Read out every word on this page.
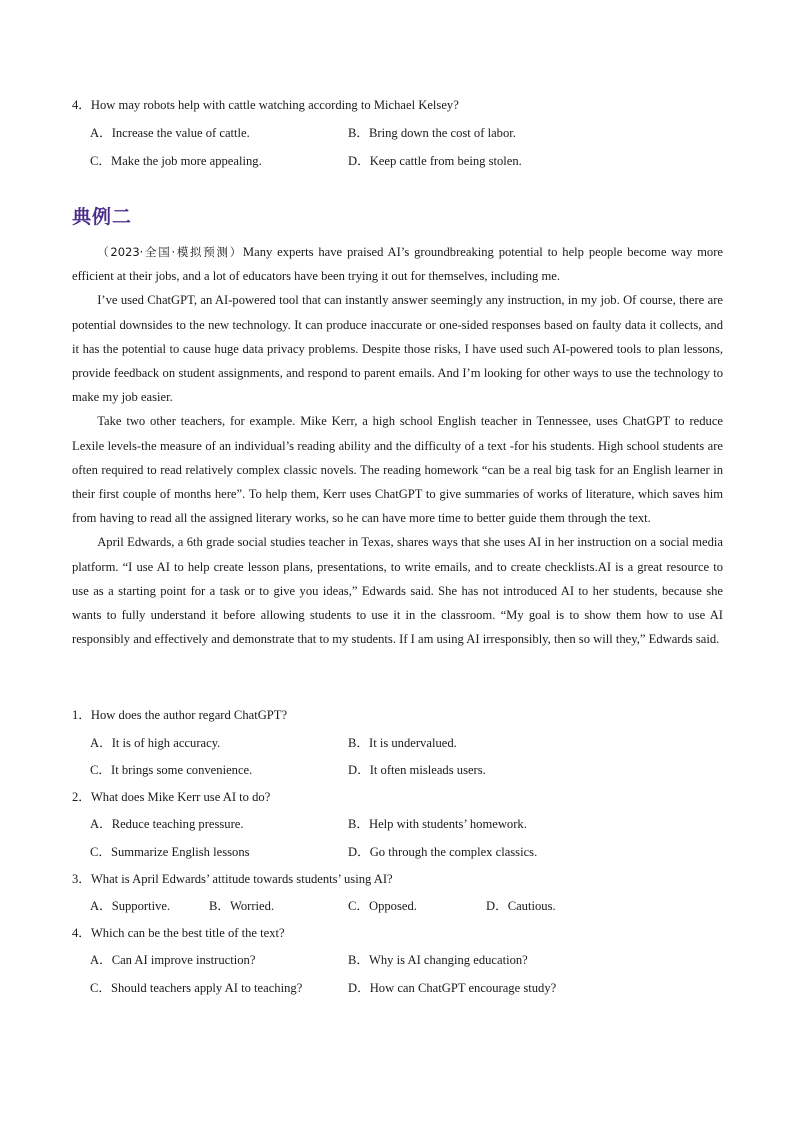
4．How may robots help with cattle watching according to Michael Kelsey?
A．Increase the value of cattle.	B．Bring down the cost of labor.
C．Make the job more appealing.	D．Keep cattle from being stolen.
典例二

（2023·全国·模拟预测）Many experts have praised AI’s groundbreaking potential to help people become way more efficient at their jobs, and a lot of educators have been trying it out for themselves, including me.

I’ve used ChatGPT, an AI-powered tool that can instantly answer seemingly any instruction, in my job. Of course, there are potential downsides to the new technology. It can produce inaccurate or one-sided responses based on faulty data it collects, and it has the potential to cause huge data privacy problems. Despite those risks, I have used such AI-powered tools to plan lessons, provide feedback on student assignments, and respond to parent emails. And I’m looking for other ways to use the technology to make my job easier.

Take two other teachers, for example. Mike Kerr, a high school English teacher in Tennessee, uses ChatGPT to reduce Lexile levels-the measure of an individual’s reading ability and the difficulty of a text -for his students. High school students are often required to read relatively complex classic novels. The reading homework “can be a real big task for an English learner in their first couple of months here”. To help them, Kerr uses ChatGPT to give summaries of works of literature, which saves him from having to read all the assigned literary works, so he can have more time to better guide them through the text.

April Edwards, a 6th grade social studies teacher in Texas, shares ways that she uses AI in her instruction on a social media platform. “I use AI to help create lesson plans, presentations, to write emails, and to create checklists.AI is a great resource to use as a starting point for a task or to give you ideas,” Edwards said. She has not introduced AI to her students, because she wants to fully understand it before allowing students to use it in the classroom. “My goal is to show them how to use AI responsibly and effectively and demonstrate that to my students. If I am using AI irresponsibly, then so will they,” Edwards said.

1．How does the author regard ChatGPT?
A．It is of high accuracy.	B．It is undervalued.
C．It brings some convenience.	D．It often misleads users.
2．What does Mike Kerr use AI to do?
A．Reduce teaching pressure.	B．Help with students’ homework.
C．Summarize English lessons	D．Go through the complex classics.
3．What is April Edwards’ attitude towards students’ using AI?
A．Supportive.	B．Worried.	C．Opposed.	D．Cautious.
4．Which can be the best title of the text?
A．Can AI improve instruction?	B．Why is AI changing education?
C．Should teachers apply AI to teaching?	D．How can ChatGPT encourage study?
